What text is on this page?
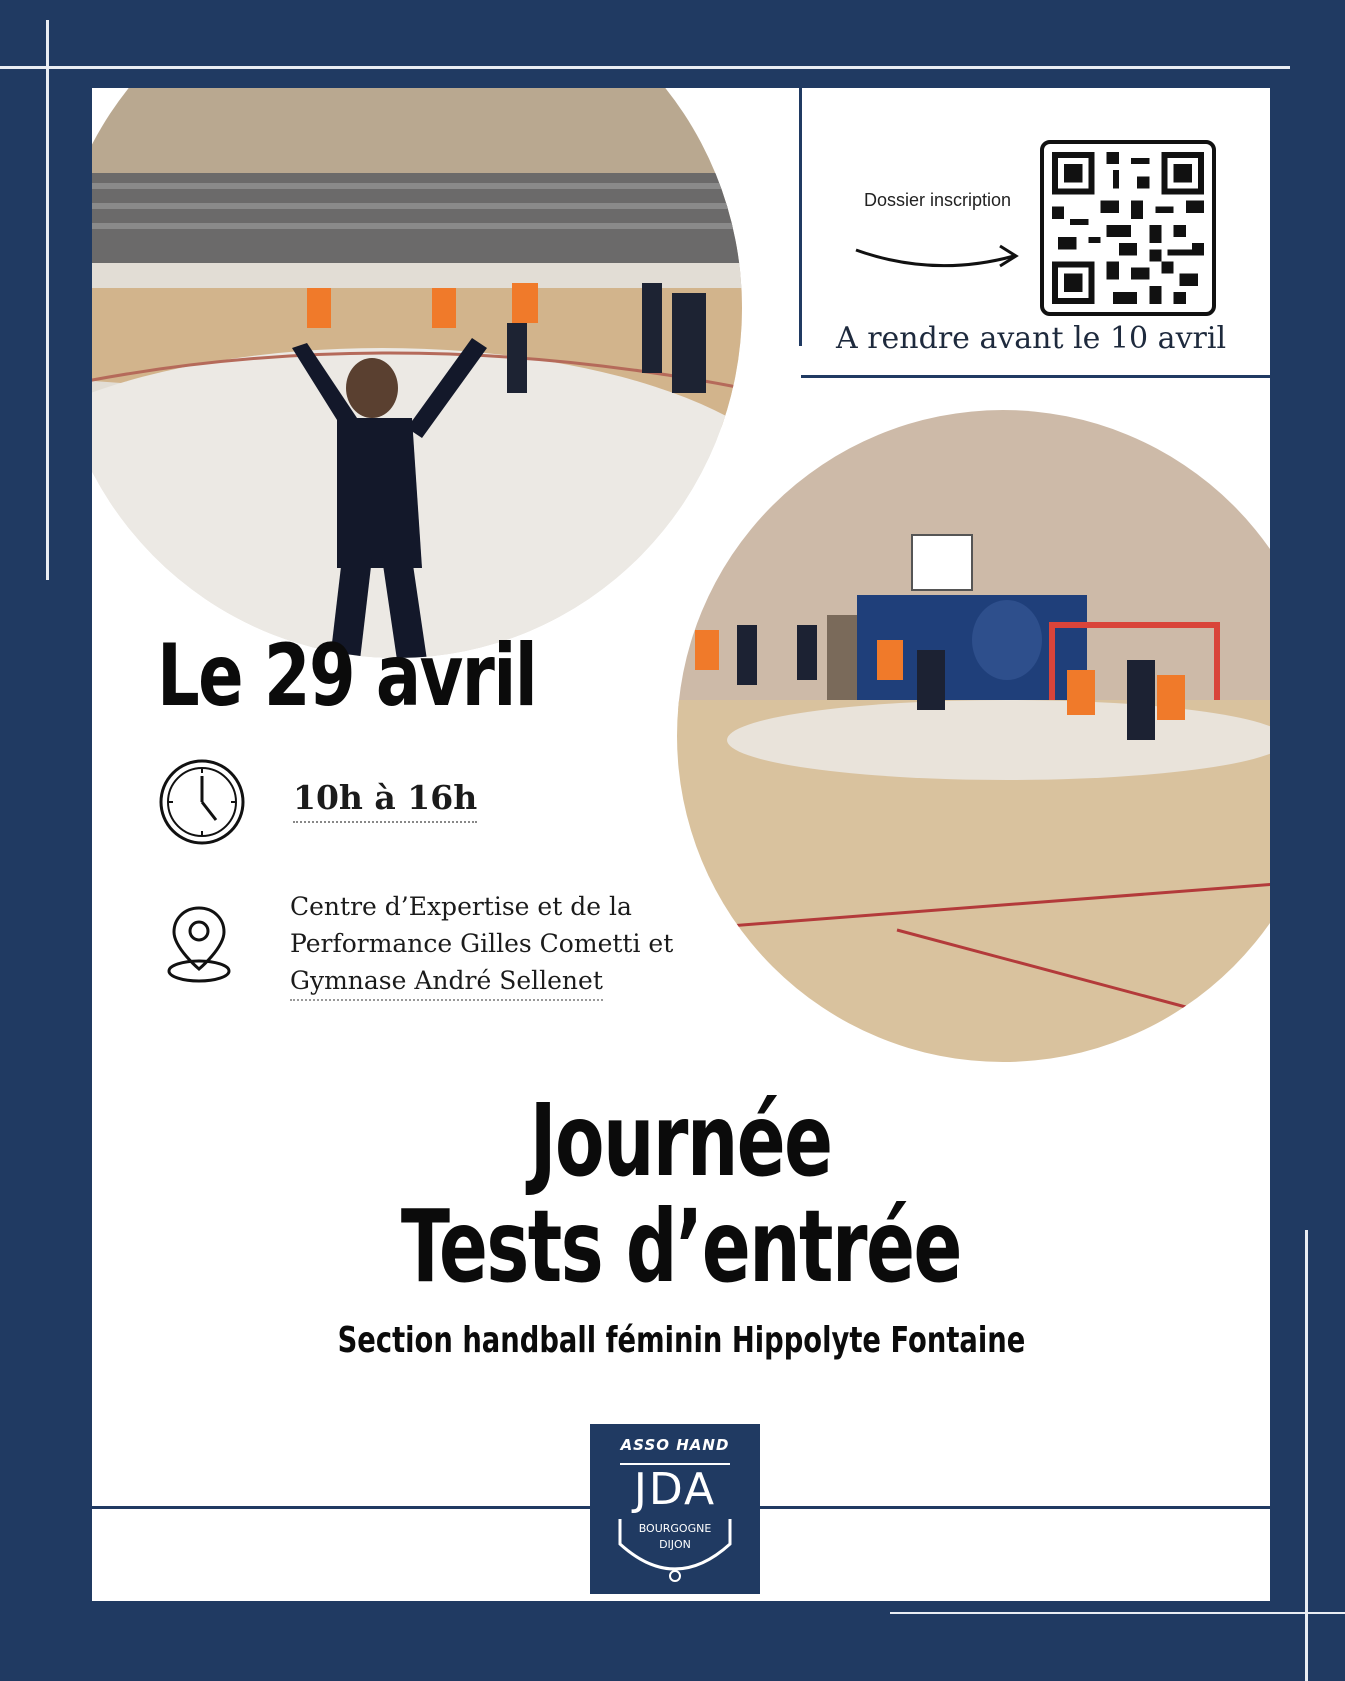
Dossier inscription
A rendre avant le 10 avril
Le 29 avril
10h à 16h
Centre d’Expertise et de la
Performance Gilles Cometti et
Gymnase André Sellenet
Journée
Tests d’entrée
Section handball féminin Hippolyte Fontaine
ASSO HAND
JDA
BOURGOGNE
DIJON
